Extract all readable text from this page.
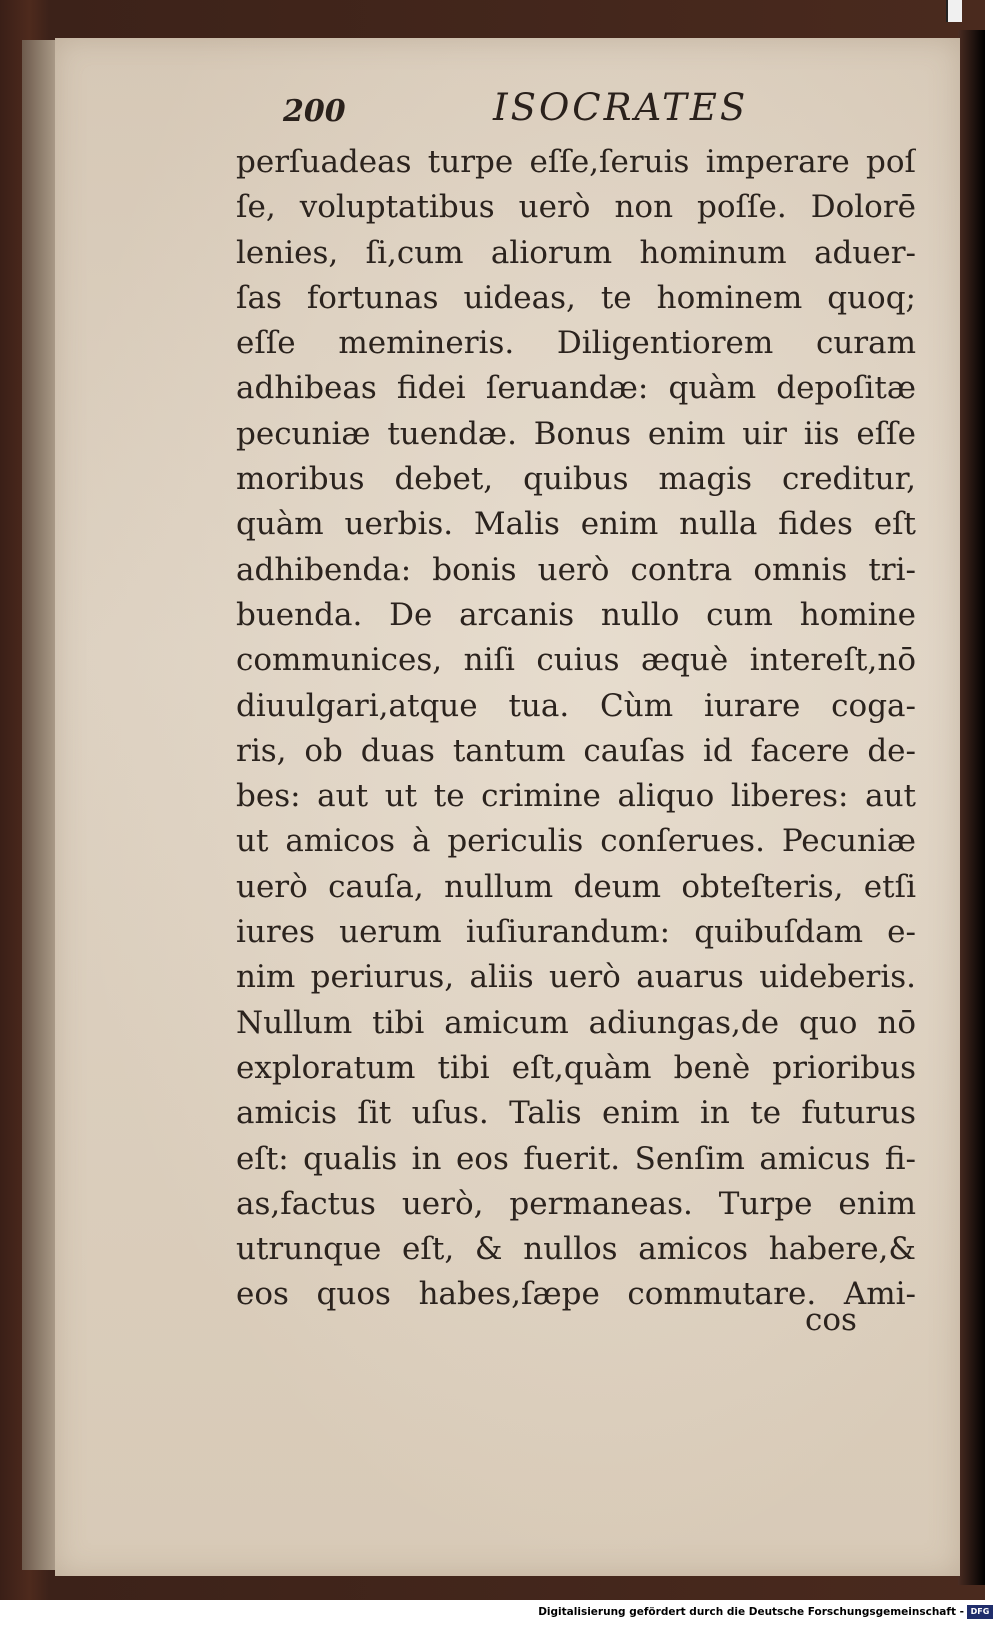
200	ISOCRATES
perſuadeas turpe eſſe,ſeruis imperare poſ
ſe, voluptatibus uerò non poſſe. Dolorē
lenies, ſi,cum aliorum hominum aduer-
ſas fortunas uideas, te hominem quoq;
eſſe memineris. Diligentiorem curam
adhibeas fidei ſeruandæ: quàm depoſitæ
pecuniæ tuendæ. Bonus enim uir iis eſſe
moribus debet, quibus magis creditur,
quàm uerbis. Malis enim nulla fides eſt
adhibenda: bonis uerò contra omnis tri-
buenda. De arcanis nullo cum homine
communices, niſi cuius æquè intereſt,nō
diuulgari,atque tua. Cùm iurare coga-
ris, ob duas tantum cauſas id facere de-
bes: aut ut te crimine aliquo liberes: aut
ut amicos à periculis conſerues. Pecuniæ
uerò cauſa, nullum deum obteſteris, etſi
iures uerum iuſiurandum: quibuſdam e-
nim periurus, aliis uerò auarus uideberis.
Nullum tibi amicum adiungas,de quo nō
exploratum tibi eſt,quàm benè prioribus
amicis ſit uſus. Talis enim in te futurus
eſt: qualis in eos fuerit. Senſim amicus fi-
as,factus uerò, permaneas. Turpe enim
utrunque eſt, & nullos amicos habere,&
eos quos habes,ſæpe commutare. Ami-
cos
Digitalisierung gefördert durch die Deutsche Forschungsgemeinschaft - DFG
